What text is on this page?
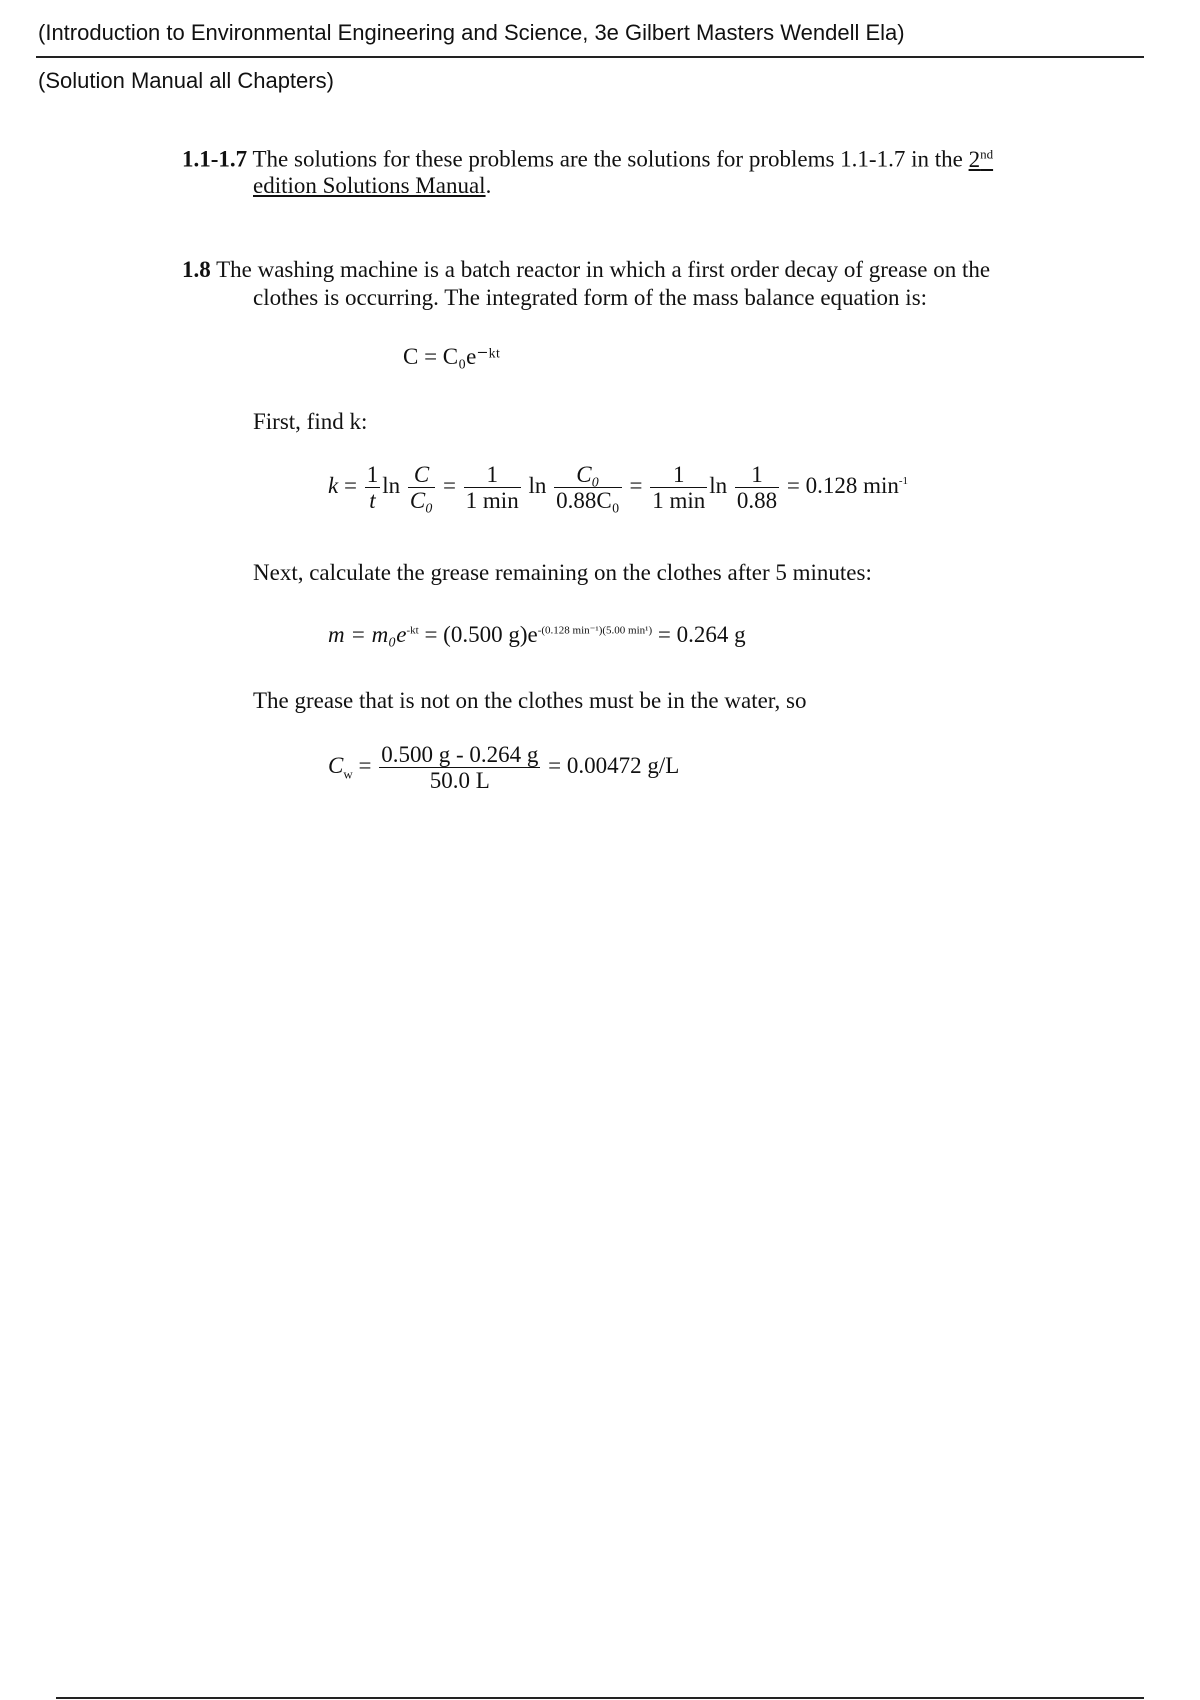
(Introduction to Environmental Engineering and Science, 3e Gilbert Masters Wendell Ela)
(Solution Manual all Chapters)
1.1-1.7 The solutions for these problems are the solutions for problems 1.1-1.7 in the 2nd
edition Solutions Manual.
1.8 The washing machine is a batch reactor in which a first order decay of grease on the
clothes is occurring. The integrated form of the mass balance equation is:
C = C₀e⁻ᵏᵗ
First, find k:
$k = \frac{1}{t}$ $\ln \frac{C}{\text{C₀}}$ =	1
1 min
$\ln \frac{\text{C₀}}{\text{0.88C₀}}$ =	1
1 min
$\ln \frac{1}{0.88} = 0.128$ $\min^{-1}$
Next, calculate the grease remaining on the clothes after 5 minutes:
$m = m_0e^{-kt} = (0.500$ $g)e^{-(0.128 min^{-1})(5.00 min^1)} = 0.264$ g
The grease that is not on the clothes must be in the water, so
$C_w = \frac{0.500 g - 0.264 g}{50.0 L} = 0.00472$ g/L
